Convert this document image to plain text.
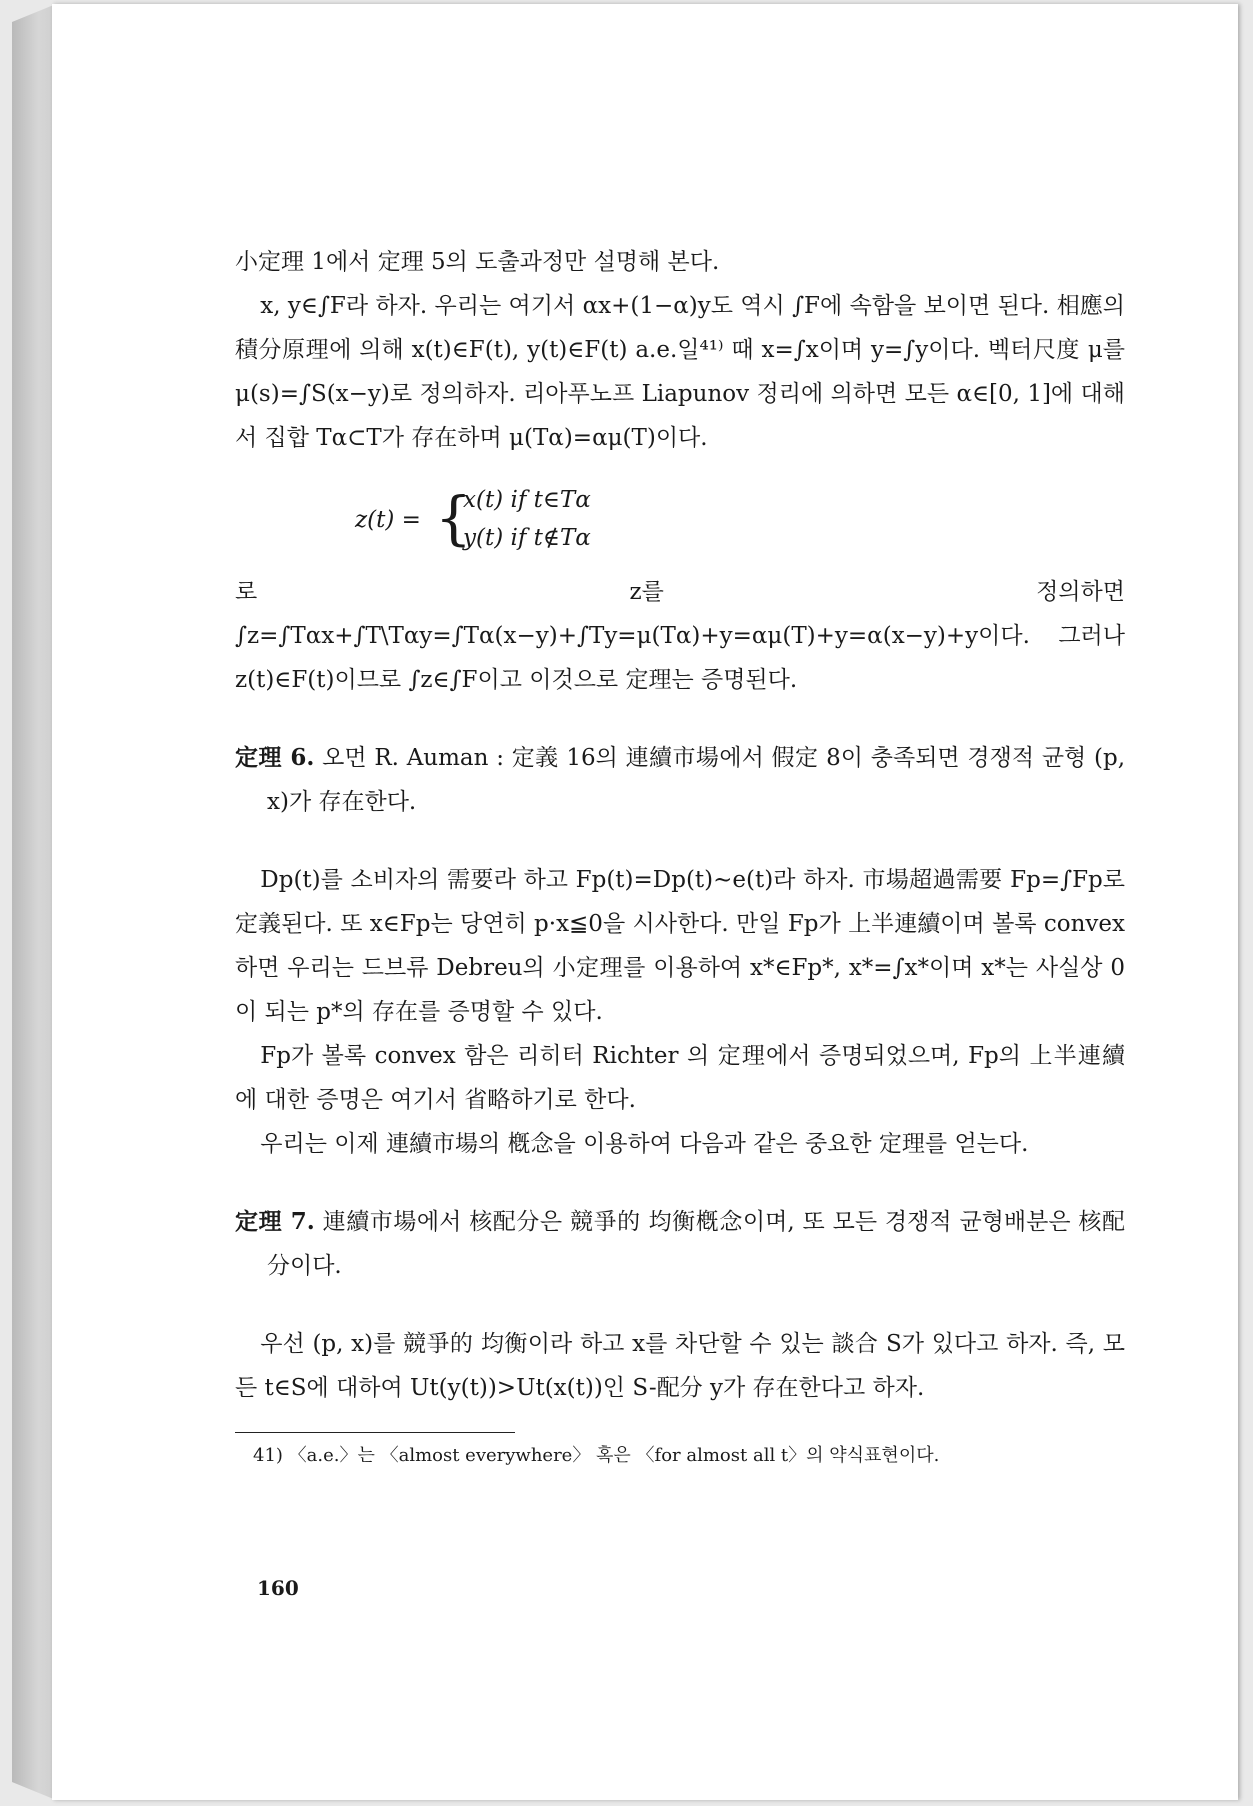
小定理 1에서 定理 5의 도출과정만 설명해 본다.

x, y∈∫F라 하자. 우리는 여기서 αx+(1−α)y도 역시 ∫F에 속함을 보이면 된다. 相應의 積分原理에 의해 x(t)∈F(t), y(t)∈F(t) a.e.일⁴¹⁾ 때 x=∫x이며 y=∫y이다. 벡터尺度 μ를 μ(s)=∫S(x−y)로 정의하자. 리아푸노프 Liapunov 정리에 의하면 모든 α∈[0, 1]에 대해서 집합 Tα⊂T가 存在하며 μ(Tα)=αμ(T)이다.

z(t) = {
x(t) if t∈Tα
y(t) if t∉Tα

로 z를 정의하면 ∫z=∫Tαx+∫T\Tαy=∫Tα(x−y)+∫Ty=μ(Tα)+y=αμ(T)+y=α(x−y)+y이다. 그러나 z(t)∈F(t)이므로 ∫z∈∫F이고 이것으로 定理는 증명된다.

定理 6. 오먼 R. Auman : 定義 16의 連續市場에서 假定 8이 충족되면 경쟁적 균형 (p, x)가 存在한다.

Dp(t)를 소비자의 需要라 하고 Fp(t)=Dp(t)∼e(t)라 하자. 市場超過需要 Fp=∫Fp로 定義된다. 또 x∈Fp는 당연히 p·x≦0을 시사한다. 만일 Fp가 上半連續이며 볼록 convex 하면 우리는 드브류 Debreu의 小定理를 이용하여 x*∈Fp*, x*=∫x*이며 x*는 사실상 0이 되는 p*의 存在를 증명할 수 있다.

Fp가 볼록 convex 함은 리히터 Richter 의 定理에서 증명되었으며, Fp의 上半連續에 대한 증명은 여기서 省略하기로 한다.

우리는 이제 連續市場의 槪念을 이용하여 다음과 같은 중요한 定理를 얻는다.

定理 7. 連續市場에서 核配分은 競爭的 均衡槪念이며, 또 모든 경쟁적 균형배분은 核配分이다.

우선 (p, x)를 競爭的 均衡이라 하고 x를 차단할 수 있는 談合 S가 있다고 하자. 즉, 모든 t∈S에 대하여 Ut(y(t))>Ut(x(t))인 S-配分 y가 存在한다고 하자.

41) 〈a.e.〉는 〈almost everywhere〉 혹은 〈for almost all t〉의 약식표현이다.

160
